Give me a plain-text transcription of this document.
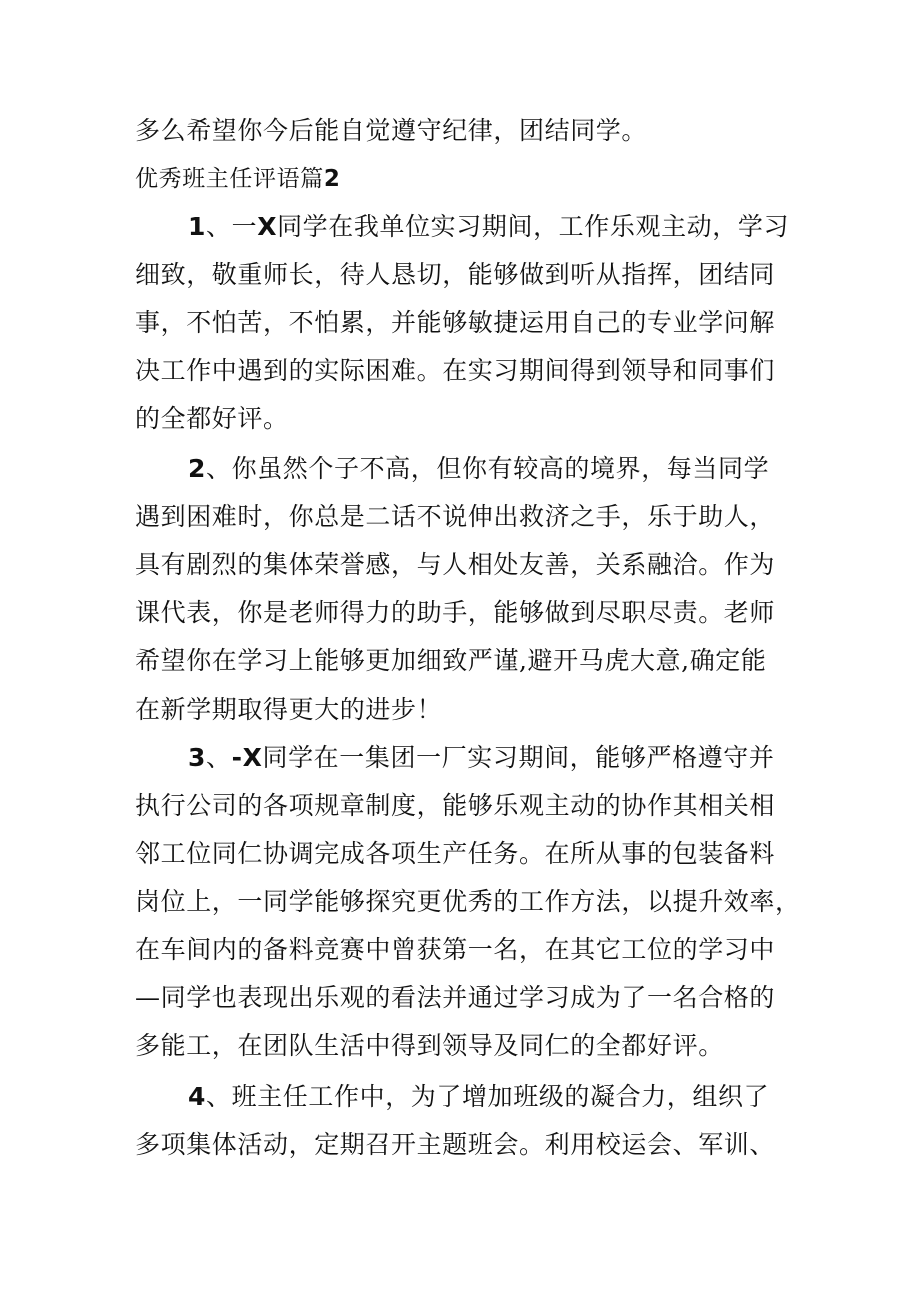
多么希望你今后能自觉遵守纪律，团结同学。
优秀班主任评语篇2
1、一X同学在我单位实习期间，工作乐观主动，学习
细致，敬重师长，待人恳切，能够做到听从指挥，团结同
事，不怕苦，不怕累，并能够敏捷运用自己的专业学问解
决工作中遇到的实际困难。在实习期间得到领导和同事们
的全都好评。
2、你虽然个子不高，但你有较高的境界，每当同学
遇到困难时，你总是二话不说伸出救济之手，乐于助人，
具有剧烈的集体荣誉感，与人相处友善，关系融洽。作为
课代表，你是老师得力的助手，能够做到尽职尽责。老师
希望你在学习上能够更加细致严谨,避开马虎大意,确定能
在新学期取得更大的进步！
3、-X同学在一集团一厂实习期间，能够严格遵守并
执行公司的各项规章制度，能够乐观主动的协作其相关相
邻工位同仁协调完成各项生产任务。在所从事的包装备料
岗位上，一同学能够探究更优秀的工作方法，以提升效率，
在车间内的备料竞赛中曾获第一名，在其它工位的学习中
—同学也表现出乐观的看法并通过学习成为了一名合格的
多能工，在团队生活中得到领导及同仁的全都好评。
4、班主任工作中，为了增加班级的凝合力，组织了
多项集体活动，定期召开主题班会。利用校运会、军训、
